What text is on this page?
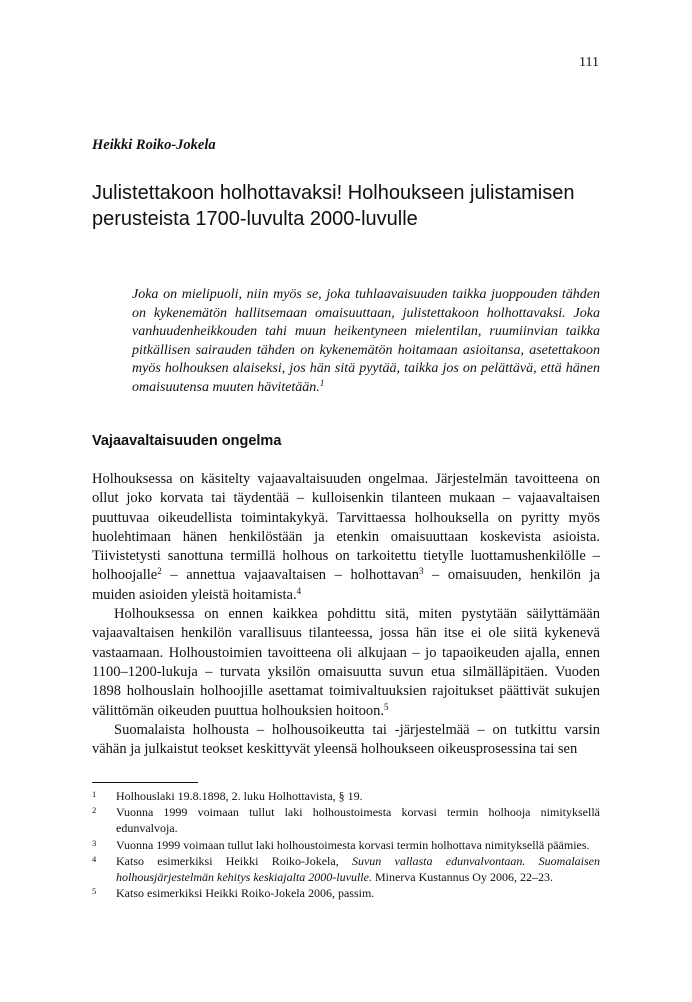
111
Heikki Roiko-Jokela
Julistettakoon holhottavaksi! Holhoukseen julistamisen perusteista 1700-luvulta 2000-luvulle

Joka on mielipuoli, niin myös se, joka tuhlaavaisuuden taikka juoppouden tähden on kykenemätön hallitsemaan omaisuuttaan, julistettakoon holhottavaksi. Joka vanhuudenheikkouden tahi muun heikentyneen mielentilan, ruumiinvian taikka pitkällisen sairauden tähden on kykenemätön hoitamaan asioitansa, asetettakoon myös holhouksen alaiseksi, jos hän sitä pyytää, taikka jos on pelättävä, että hänen omaisuutensa muuten hävitetään.$^1$

Vajaavaltaisuuden ongelma

Holhouksessa on käsitelty vajaavaltaisuuden ongelmaa. Järjestelmän tavoitteena on ollut joko korvata tai täydentää – kulloisenkin tilanteen mukaan – vajaavaltaisen puuttuvaa oikeudellista toimintakykyä. Tarvittaessa holhouksella on pyritty myös huolehtimaan hänen henkilöstään ja etenkin omaisuuttaan koskevista asioista. Tiivistetysti sanottuna termillä holhous on tarkoitettu tietylle luottamushenkilölle – holhoojalle$^2$ – annettua vajaavaltaisen – holhottavan$^3$ – omaisuuden, henkilön ja muiden asioiden yleistä hoitamista.$^4$

Holhouksessa on ennen kaikkea pohdittu sitä, miten pystytään säilyttämään vajaavaltaisen henkilön varallisuus tilanteessa, jossa hän itse ei ole siitä kykenevä vastaamaan. Holhoustoimien tavoitteena oli alkujaan – jo tapaoikeuden ajalla, ennen 1100–1200-lukuja – turvata yksilön omaisuutta suvun etua silmälläpitäen. Vuoden 1898 holhouslain holhoojille asettamat toimivaltuuksien rajoitukset päättivät sukujen välittömän oikeuden puuttua holhouksien hoitoon.$^5$

Suomalaista holhousta – holhousoikeutta tai -järjestelmää – on tutkittu varsin vähän ja julkaistut teokset keskittyvät yleensä holhoukseen oikeusprosessina tai sen

1	Holhouslaki 19.8.1898, 2. luku Holhottavista, § 19.
2	Vuonna 1999 voimaan tullut laki holhoustoimesta korvasi termin holhooja nimityksellä edunvalvoja.
3	Vuonna 1999 voimaan tullut laki holhoustoimesta korvasi termin holhottava nimityksellä päämies.
4	Katso esimerkiksi Heikki Roiko-Jokela, Suvun vallasta edunvalvontaan. Suomalaisen holhousjärjestelmän kehitys keskiajalta 2000-luvulle. Minerva Kustannus Oy 2006, 22–23.
5	Katso esimerkiksi Heikki Roiko-Jokela 2006, passim.
